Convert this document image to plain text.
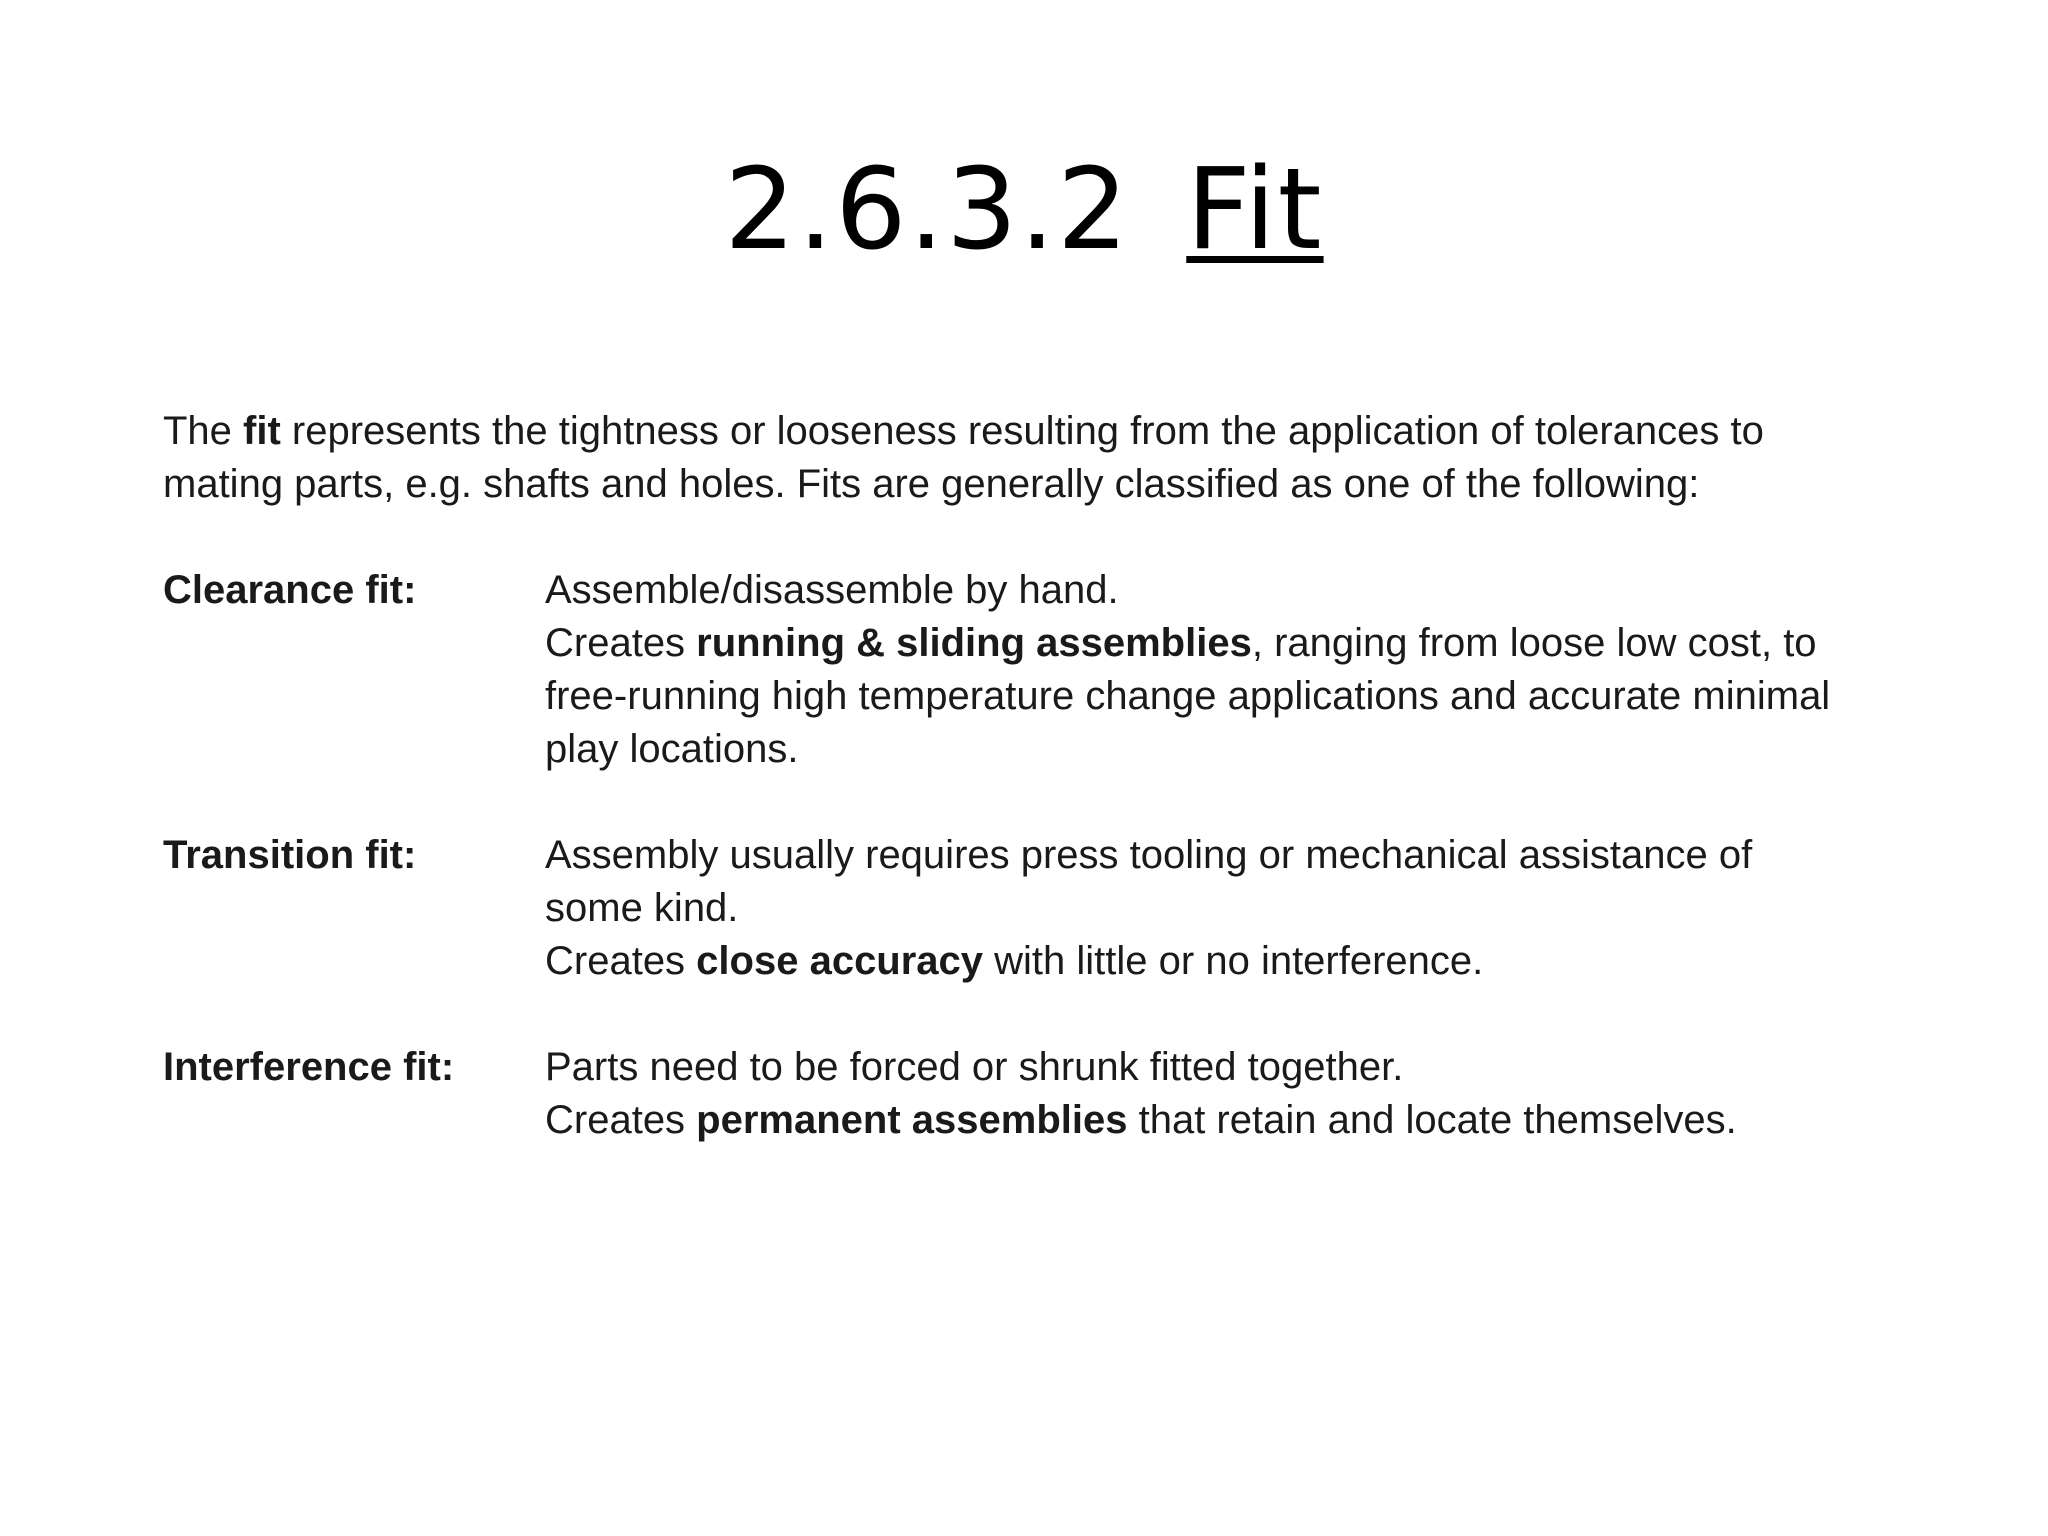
2.6.3.2 Fit

The fit represents the tightness or looseness resulting from the application of tolerances to mating parts, e.g. shafts and holes. Fits are generally classified as one of the following:

Clearance fit:	Assemble/disassemble by hand.
Creates running & sliding assemblies, ranging from loose low cost, to free-running high temperature change applications and accurate minimal play locations.
Transition fit:	Assembly usually requires press tooling or mechanical assistance of some kind.
Creates close accuracy with little or no interference.
Interference fit:	Parts need to be forced or shrunk fitted together.
Creates permanent assemblies that retain and locate themselves.
